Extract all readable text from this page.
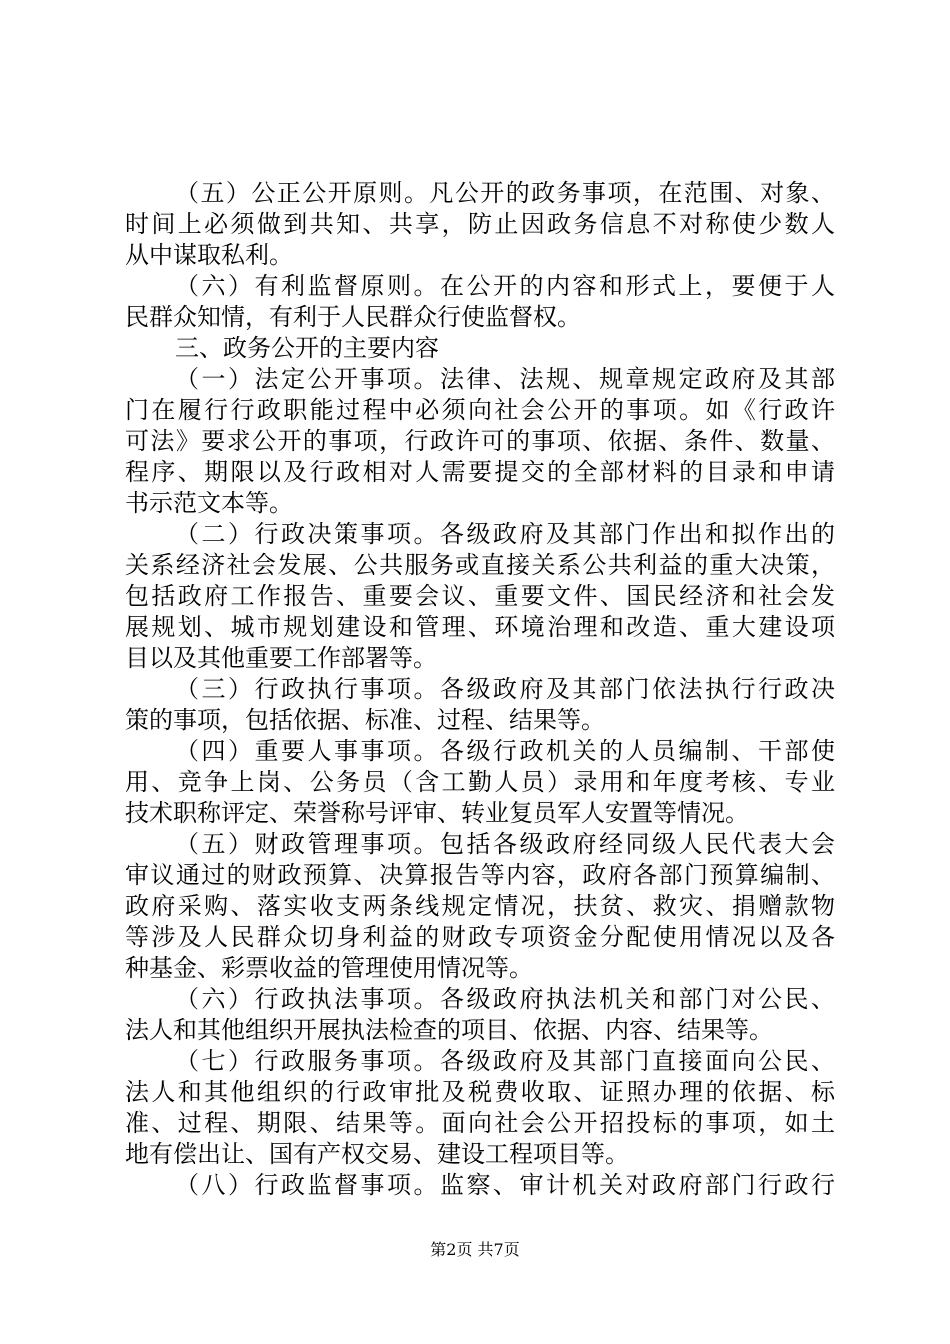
（五）公正公开原则。凡公开的政务事项，在范围、对象、
时间上必须做到共知、共享，防止因政务信息不对称使少数人
从中谋取私利。
（六）有利监督原则。在公开的内容和形式上，要便于人
民群众知情，有利于人民群众行使监督权。
三、政务公开的主要内容
（一）法定公开事项。法律、法规、规章规定政府及其部
门在履行行政职能过程中必须向社会公开的事项。如《行政许
可法》要求公开的事项，行政许可的事项、依据、条件、数量、
程序、期限以及行政相对人需要提交的全部材料的目录和申请
书示范文本等。
（二）行政决策事项。各级政府及其部门作出和拟作出的
关系经济社会发展、公共服务或直接关系公共利益的重大决策，
包括政府工作报告、重要会议、重要文件、国民经济和社会发
展规划、城市规划建设和管理、环境治理和改造、重大建设项
目以及其他重要工作部署等。
（三）行政执行事项。各级政府及其部门依法执行行政决
策的事项，包括依据、标准、过程、结果等。
（四）重要人事事项。各级行政机关的人员编制、干部使
用、竞争上岗、公务员（含工勤人员）录用和年度考核、专业
技术职称评定、荣誉称号评审、转业复员军人安置等情况。
（五）财政管理事项。包括各级政府经同级人民代表大会
审议通过的财政预算、决算报告等内容，政府各部门预算编制、
政府采购、落实收支两条线规定情况，扶贫、救灾、捐赠款物
等涉及人民群众切身利益的财政专项资金分配使用情况以及各
种基金、彩票收益的管理使用情况等。
（六）行政执法事项。各级政府执法机关和部门对公民、
法人和其他组织开展执法检查的项目、依据、内容、结果等。
（七）行政服务事项。各级政府及其部门直接面向公民、
法人和其他组织的行政审批及税费收取、证照办理的依据、标
准、过程、期限、结果等。面向社会公开招投标的事项，如土
地有偿出让、国有产权交易、建设工程项目等。
（八）行政监督事项。监察、审计机关对政府部门行政行
第2页 共7页
